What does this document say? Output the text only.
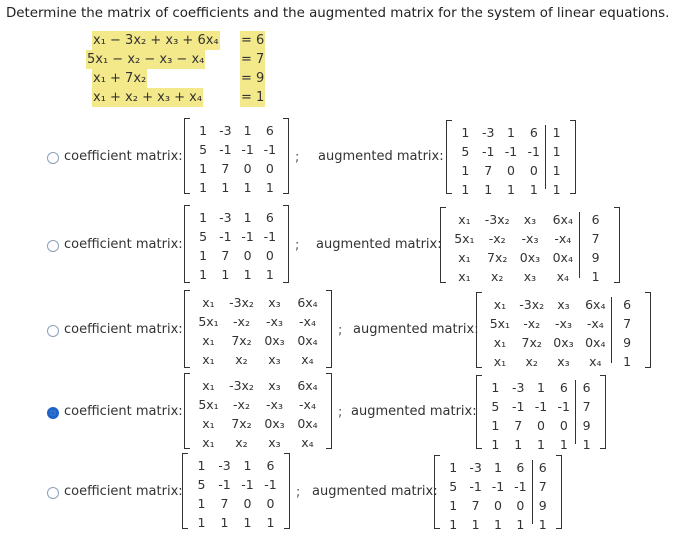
Determine the matrix of coefficients and the augmented matrix for the system of linear equations.
x₁ − 3x₂ + x₃ + 6x₄ = 6
5x₁ − x₂ − x₃ − x₄	= 7
x₁ + 7x₂	= 9
x₁ + x₂ + x₃ + x₄	= 1
coefficient matrix:
1 -3 1	6
5 -1 -1 -1
1	7	0	0
1	1	1	1
; augmented matrix:
1	-3	1	6	1
5	-1 -1 -1	1
1	7	0	0	1
1	1	1	1	1
coefficient matrix:
1 -3 1	6
5 -1 -1 -1
1	7	0	0
1	1	1	1
; augmented matrix:
x₁	-3x₂	x₃	6x₄	6
5x₁	-x₂	-x₃	-x₄	7
x₁	7x₂ 0x₃ 0x₄	9
x₁	x₂	x₃	x₄	1
coefficient matrix:
x₁	-3x₂	x₃	6x₄
5x₁	-x₂	-x₃	-x₄
x₁	7x₂	0x₃	0x₄
x₁	x₂	x₃	x₄
; augmented matrix:
x₁	-3x₂	x₃	6x₄	6
5x₁	-x₂	-x₃	-x₄	7
x₁	7x₂ 0x₃ 0x₄	9
x₁	x₂	x₃	x₄	1
coefficient matrix:
x₁	-3x₂	x₃	6x₄
5x₁	-x₂	-x₃	-x₄
x₁	7x₂	0x₃	0x₄
x₁	x₂	x₃	x₄
; augmented matrix:
1	-3	1	6	6
5	-1 -1 -1	7
1	7	0	0	9
1	1	1	1	1
coefficient matrix:
1	-3	1	6
5	-1 -1 -1
1	7	0	0
1	1	1	1
; augmented matrix:
1 -3 1	6	6
5 -1 -1 -1 7
1	7	0	0	9
1	1	1	1	1
